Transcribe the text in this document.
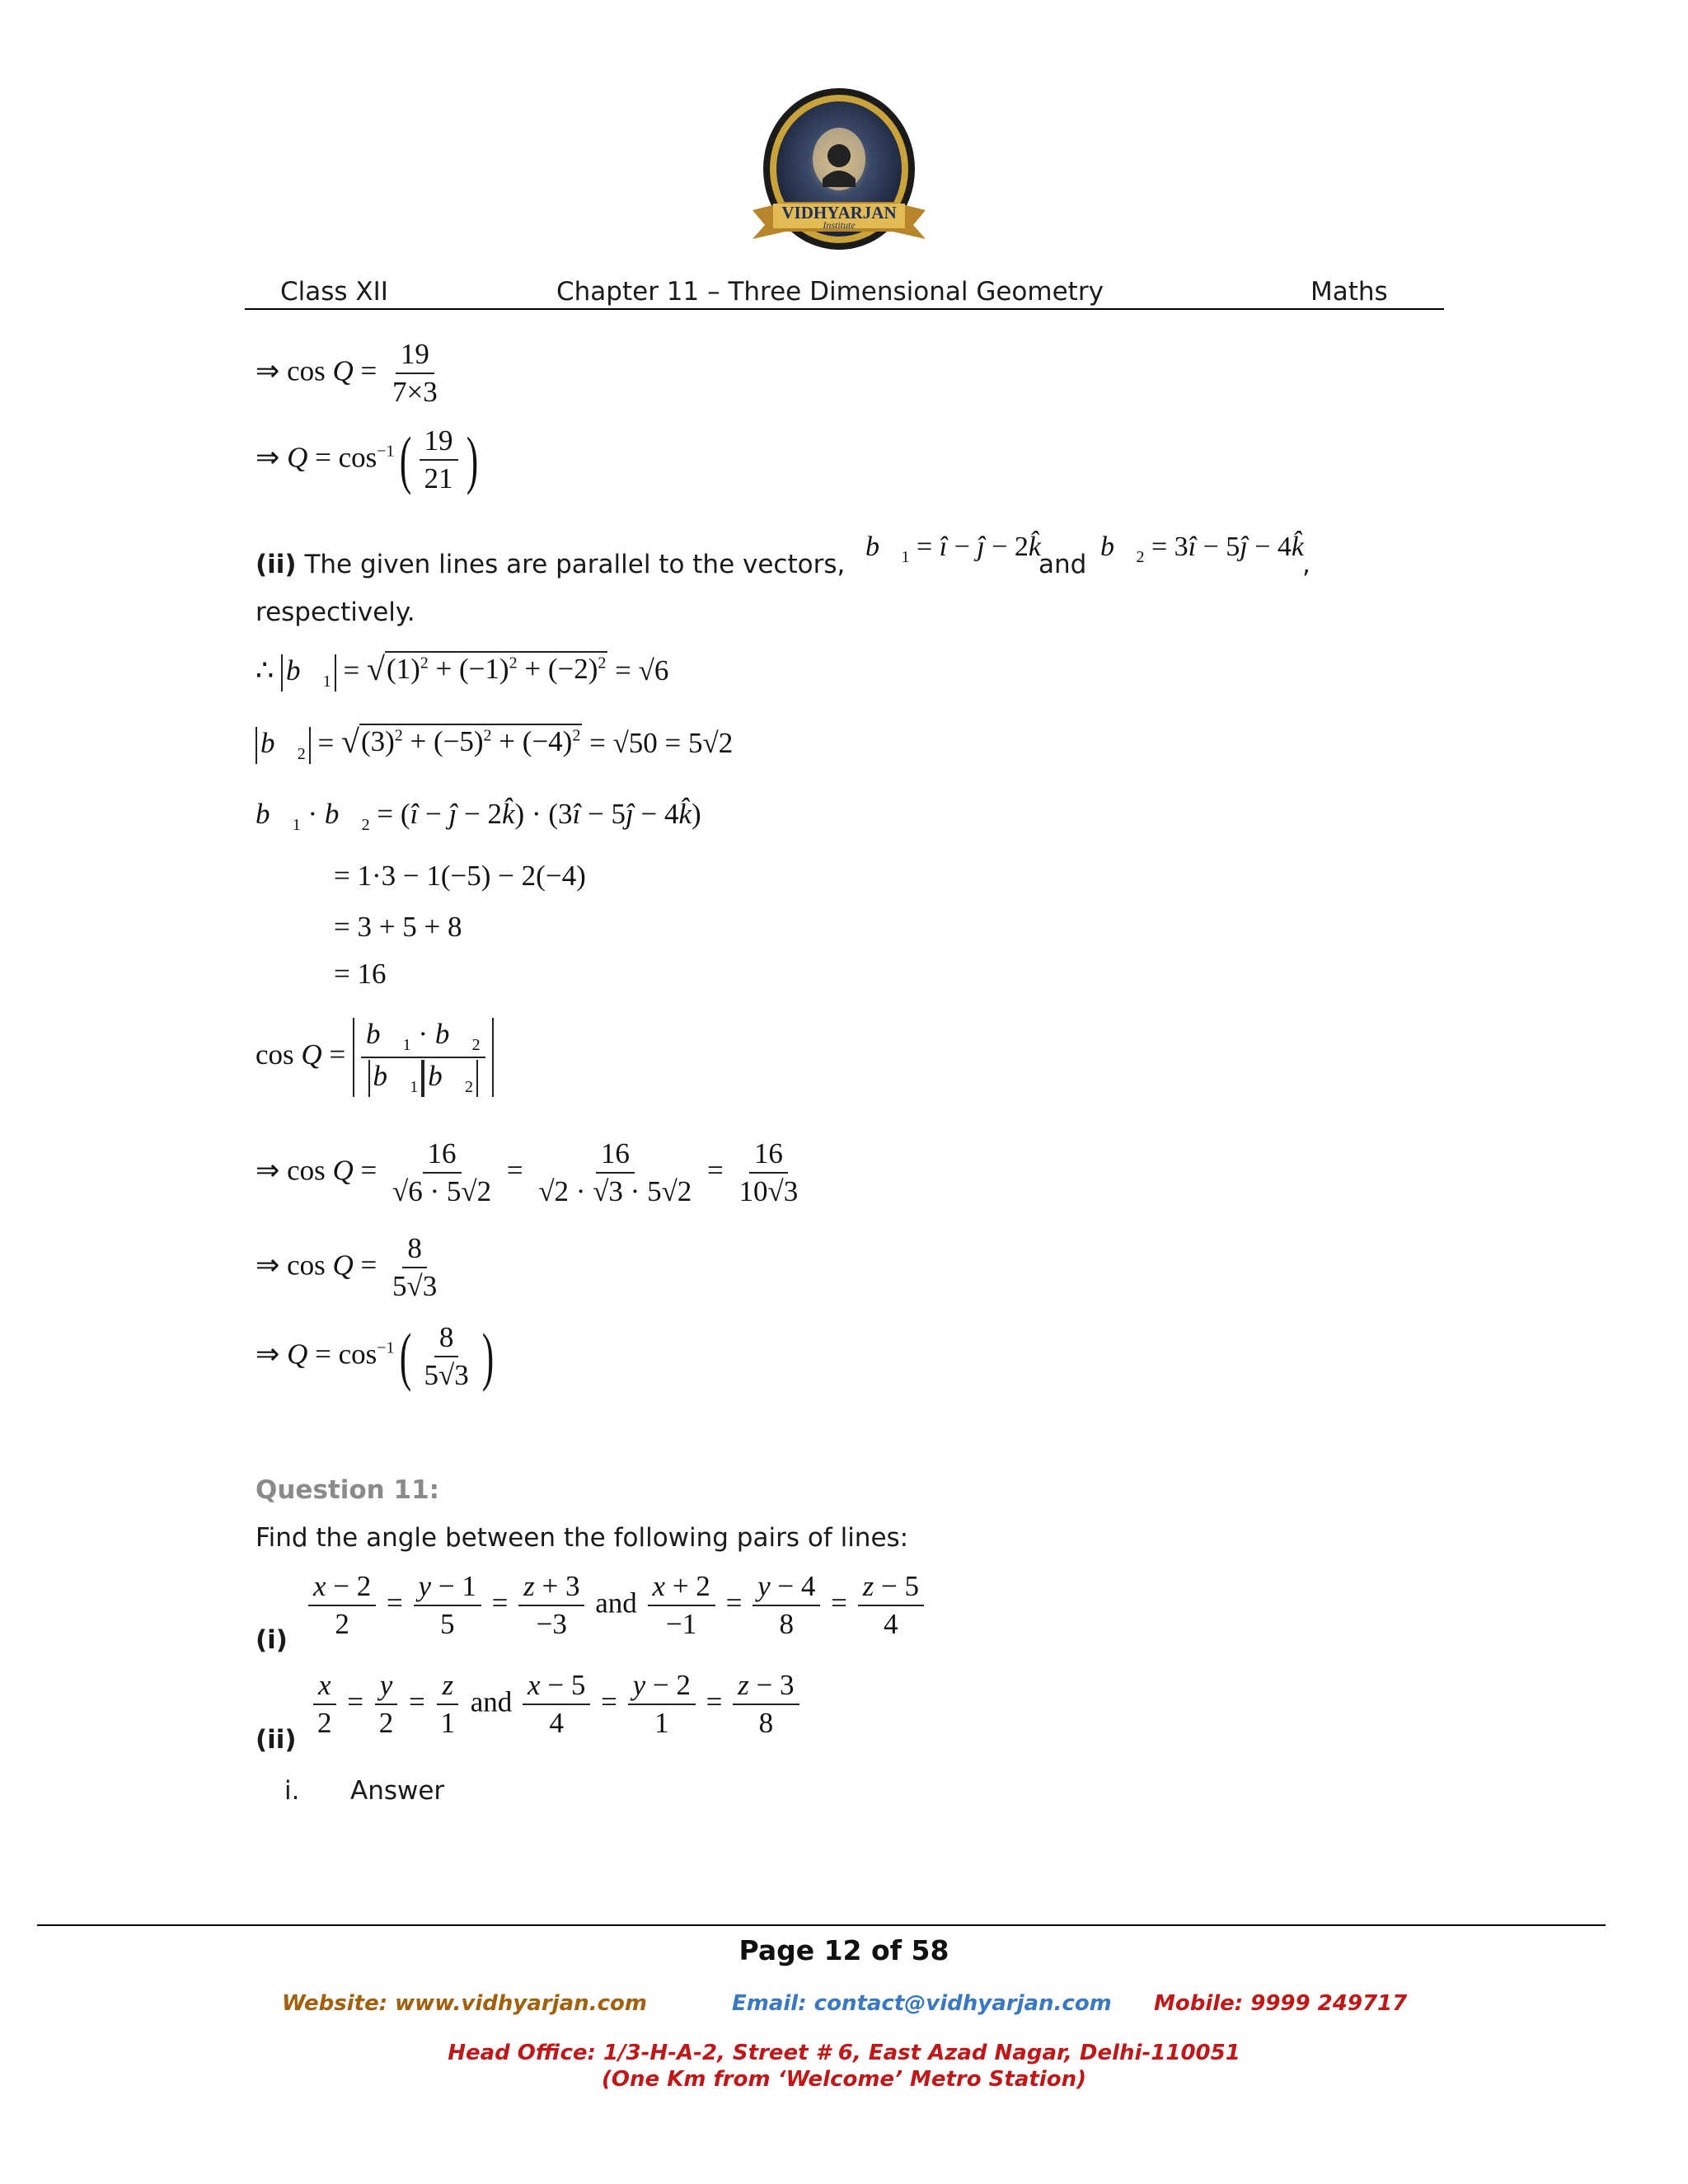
VIDHYARJAN
Institute
Class XII	Chapter 11 – Three Dimensional Geometry	Maths
⇒ $\cos Q = \frac{19}{7\times 3}$
⇒ $Q = \cos^{-1}$ ( $\frac{19}{21}$ )
(ii) The given lines are parallel to the vectors,
$b⃗_1$ = î − ĵ − 2k̂
and
$b⃗_2$ = 3î − 5ĵ − 4k̂
,
respectively.
∴ $b⃗_1$ = √ $(1)^2 + (-1)^2 + (-2)^2 = √6$
$b⃗_2$ = √ $(3)^2 + (-5)^2 + (-4)^2 = √50 = 5√2$
$b⃗_1$ · $b⃗_2$ = (î − ĵ − 2k̂) · (3î − 5ĵ − 4k̂)
= 1·3 − 1(−5) − 2(−4)
= 3 + 5 + 8
= 16
$\cos Q = \frac{b⃗_1 \cdot b⃗_2}{b⃗_1 b⃗_2}$
⇒ $\cos Q = \frac{16}{√6 \cdot 5√2} = \frac{16}{√2 \cdot √3 \cdot 5√2} = \frac{16}{10√3}$
⇒ $\cos Q = \frac{8}{5√3}$
⇒ $Q = \cos^{-1}$ ( $\frac{8}{5√3}$ )
Question 11:
Find the angle between the following pairs of lines:
$(i) \frac{x - 2}{2} = \frac{y - 1}{5} = \frac{z + 3}{-3}$ and $\frac{x + 2}{-1} = \frac{y - 4}{8} = \frac{z - 5}{4}$
$(ii) \frac{x}{2} = \frac{y}{2} = \frac{z}{1}$ and $\frac{x - 5}{4} = \frac{y - 2}{1} = \frac{z - 3}{8}$
i. Answer
Page 12 of 58
Website: www.vidhyarjan.com	Email: contact@vidhyarjan.com Mobile: 9999 249717
Head Office: 1/3-H-A-2, Street # 6, East Azad Nagar, Delhi-110051
(One Km from ‘Welcome’ Metro Station)
